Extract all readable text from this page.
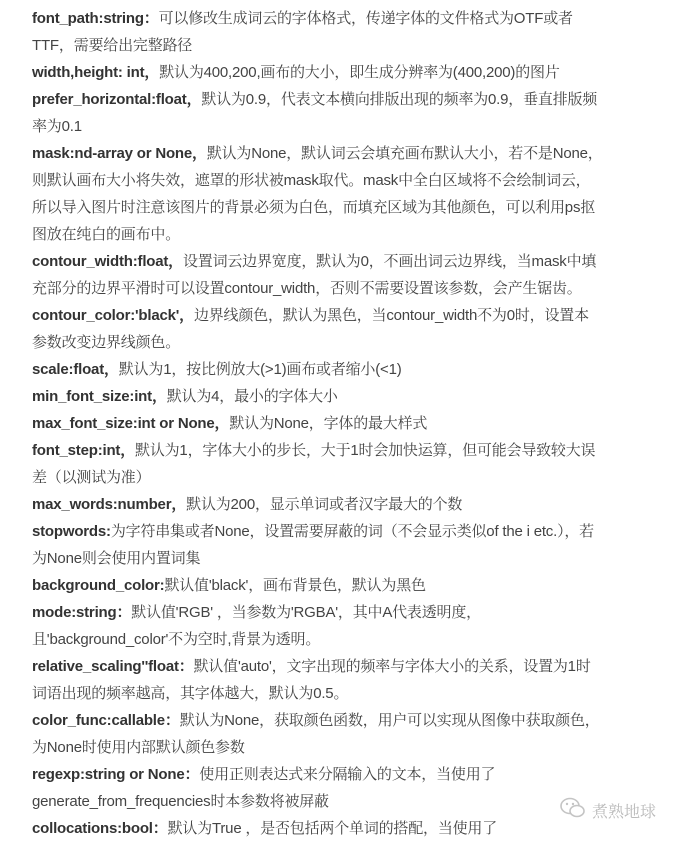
font_path:string：可以修改生成词云的字体格式，传递字体的文件格式为OTF或者
TTF，需要给出完整路径
width,height: int，默认为400,200,画布的大小，即生成分辨率为(400,200)的图片
prefer_horizontal:float，默认为0.9，代表文本横向排版出现的频率为0.9，垂直排版频
率为0.1
mask:nd-array or None，默认为None，默认词云会填充画布默认大小，若不是None，
则默认画布大小将失效，遮罩的形状被mask取代。mask中全白区域将不会绘制词云，
所以导入图片时注意该图片的背景必须为白色，而填充区域为其他颜色，可以利用ps抠
图放在纯白的画布中。
contour_width:float，设置词云边界宽度，默认为0，不画出词云边界线，当mask中填
充部分的边界平滑时可以设置contour_width，否则不需要设置该参数，会产生锯齿。
contour_color:'black'，边界线颜色，默认为黑色，当contour_width不为0时，设置本
参数改变边界线颜色。
scale:float，默认为1，按比例放大(>1)画布或者缩小(<1)
min_font_size:int，默认为4，最小的字体大小
max_font_size:int or None，默认为None，字体的最大样式
font_step:int，默认为1，字体大小的步长，大于1时会加快运算，但可能会导致较大误
差（以测试为准）
max_words:number，默认为200，显示单词或者汉字最大的个数
stopwords:为字符串集或者None，设置需要屏蔽的词（不会显示类似of the i etc.），若
为None则会使用内置词集
background_color:默认值'black'，画布背景色，默认为黑色
mode:string：默认值'RGB' ，当参数为'RGBA'，其中A代表透明度，
且'background_color'不为空时,背景为透明。
relative_scaling''float：默认值'auto'，文字出现的频率与字体大小的关系，设置为1时
词语出现的频率越高，其字体越大，默认为0.5。
color_func:callable：默认为None，获取颜色函数，用户可以实现从图像中获取颜色，
为None时使用内部默认颜色参数
regexp:string or None：使用正则表达式来分隔输入的文本，当使用了
generate_from_frequencies时本参数将被屏蔽
collocations:bool：默认为True ，是否包括两个单词的搭配，当使用了
煮熟地球
